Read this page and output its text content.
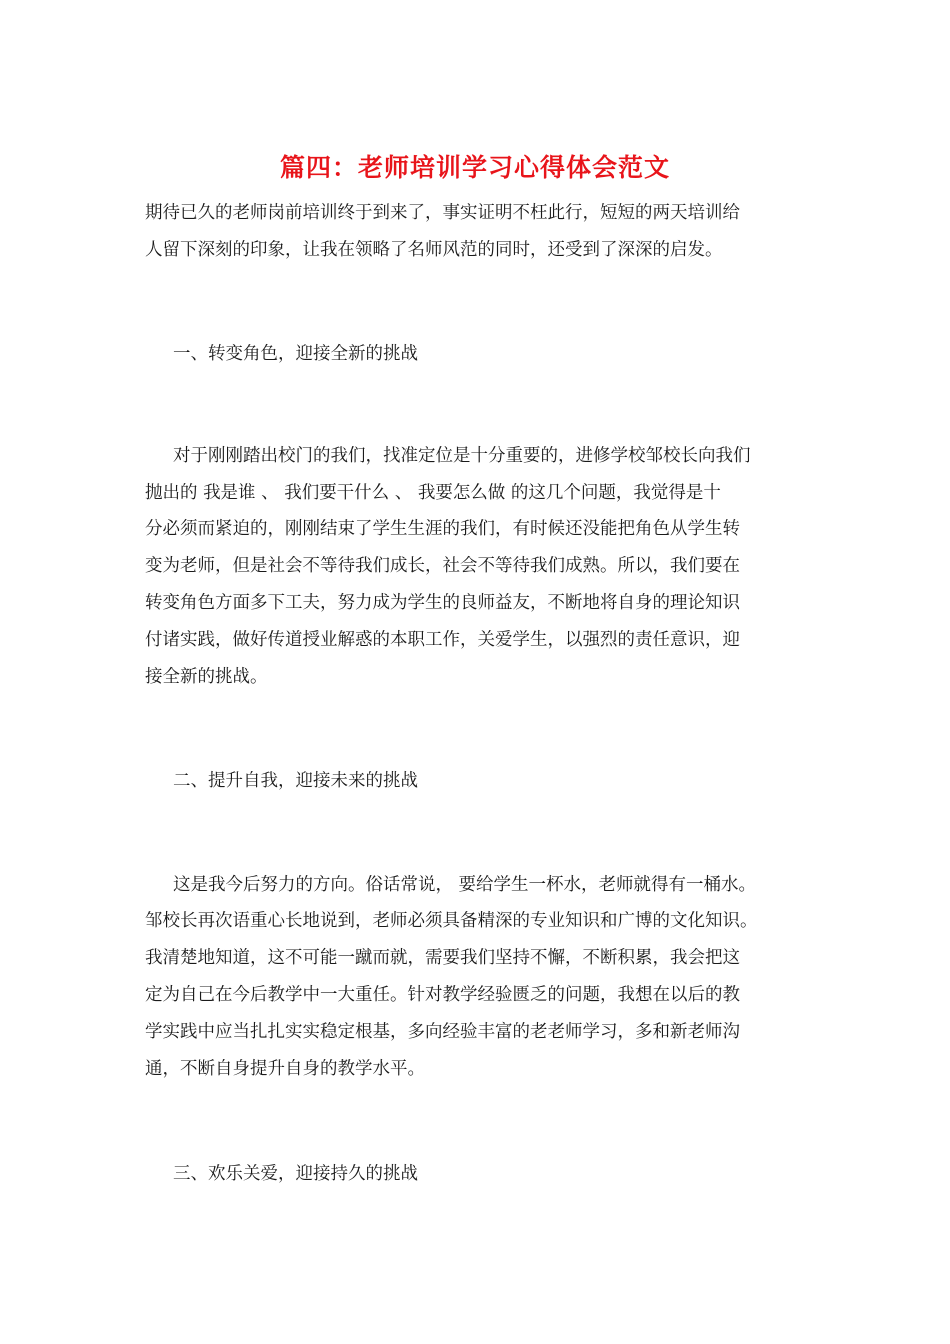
篇四：老师培训学习心得体会范文
期待已久的老师岗前培训终于到来了，事实证明不枉此行，短短的两天培训给
人留下深刻的印象，让我在领略了名师风范的同时，还受到了深深的启发。
一、转变角色，迎接全新的挑战
对于刚刚踏出校门的我们，找准定位是十分重要的，进修学校邹校长向我们
抛出的 我是谁 、 我们要干什么 、 我要怎么做 的这几个问题，我觉得是十
分必须而紧迫的，刚刚结束了学生生涯的我们，有时候还没能把角色从学生转
变为老师，但是社会不等待我们成长，社会不等待我们成熟。所以，我们要在
转变角色方面多下工夫，努力成为学生的良师益友，不断地将自身的理论知识
付诸实践，做好传道授业解惑的本职工作，关爱学生，以强烈的责任意识，迎
接全新的挑战。
二、提升自我，迎接未来的挑战
这是我今后努力的方向。俗话常说， 要给学生一杯水，老师就得有一桶水。
邹校长再次语重心长地说到，老师必须具备精深的专业知识和广博的文化知识。
我清楚地知道，这不可能一蹴而就，需要我们坚持不懈，不断积累，我会把这
定为自己在今后教学中一大重任。针对教学经验匮乏的问题，我想在以后的教
学实践中应当扎扎实实稳定根基，多向经验丰富的老老师学习，多和新老师沟
通，不断自身提升自身的教学水平。
三、欢乐关爱，迎接持久的挑战
